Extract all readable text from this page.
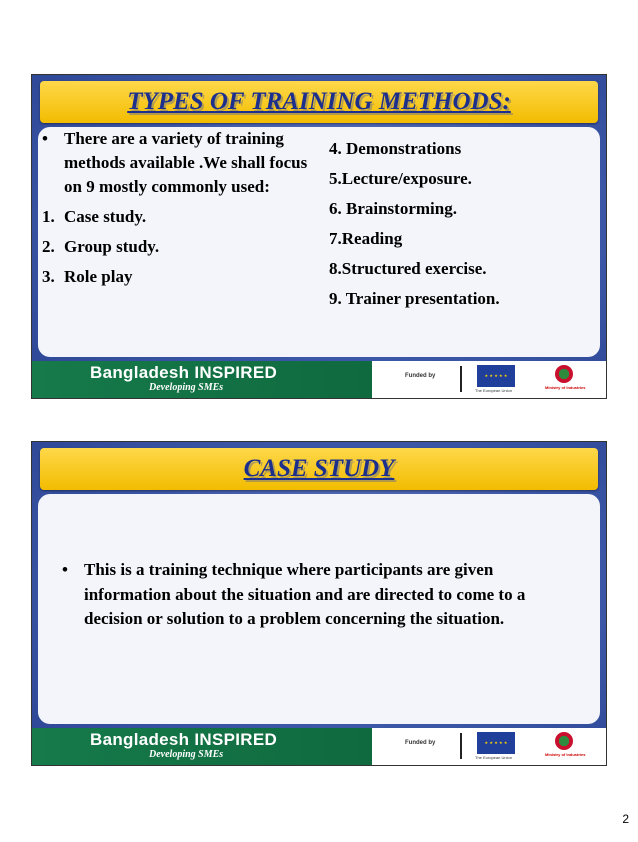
TYPES OF TRAINING METHODS:
• There are a variety of training methods available .We shall focus on 9 mostly commonly used:
1. Case study.
2. Group study.
3. Role play
4. Demonstrations
5.Lecture/exposure.
6. Brainstorming.
7.Reading
8.Structured exercise.
9. Trainer presentation.
Bangladesh INSPIRED
Developing SMEs
Funded by	★ ★ ★ ★ ★
The European Union
Ministry of Industries
CASE STUDY
• This is a training technique where participants are given information about the situation and are directed to come to a decision or solution to a problem concerning the situation.
Bangladesh INSPIRED
Developing SMEs
Funded by	★ ★ ★ ★ ★
The European Union
Ministry of Industries
2
